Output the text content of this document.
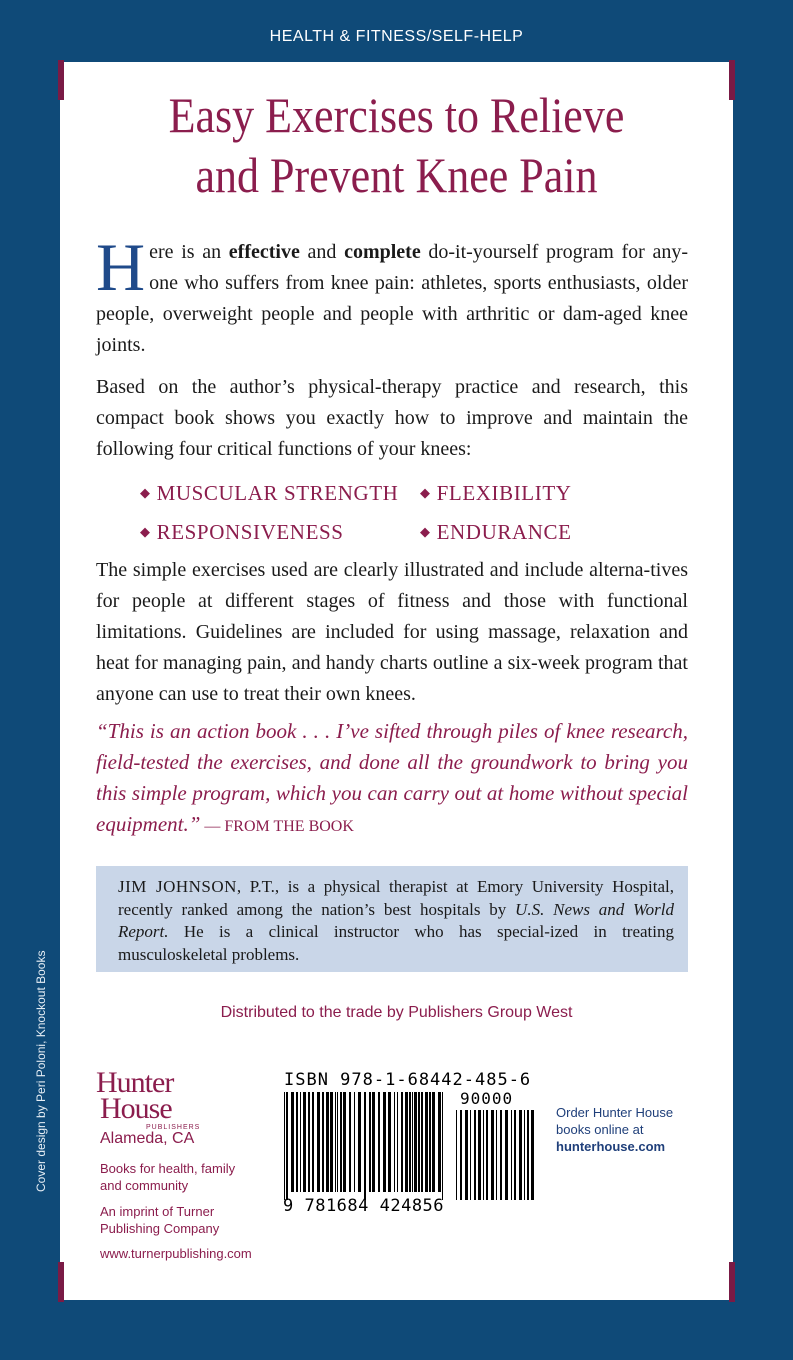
HEALTH & FITNESS/SELF-HELP
Cover design by Peri Poloni, Knockout Books
Easy Exercises to Relieve
and Prevent Knee Pain
Here is an effective and complete do-it-yourself program for any-one who suffers from knee pain: athletes, sports enthusiasts, older people, overweight people and people with arthritic or dam-aged knee joints.
Based on the author’s physical-therapy practice and research, this compact book shows you exactly how to improve and maintain the following four critical functions of your knees:
◆ MUSCULAR STRENGTH	◆ FLEXIBILITY
◆ RESPONSIVENESS	◆ ENDURANCE
The simple exercises used are clearly illustrated and include alterna-tives for people at different stages of fitness and those with functional limitations. Guidelines are included for using massage, relaxation and heat for managing pain, and handy charts outline a six-week program that anyone can use to treat their own knees.
“This is an action book . . . I’ve sifted through piles of knee research, field-tested the exercises, and done all the groundwork to bring you this simple program, which you can carry out at home without special equipment.” — FROM THE BOOK

JIM JOHNSON, P.T., is a physical therapist at Emory University Hospital, recently ranked among the nation’s best hospitals by U.S. News and World Report. He is a clinical instructor who has special-ized in treating musculoskeletal problems.

Distributed to the trade by Publishers Group West
Hunter
House
PUBLISHERS
Alameda, CA
Books for health, family
and community
An imprint of Turner
Publishing Company
www.turnerpublishing.com
ISBN 978-1-68442-485-6
90000
9 781684 424856
Order Hunter House
books online at
hunterhouse.com
